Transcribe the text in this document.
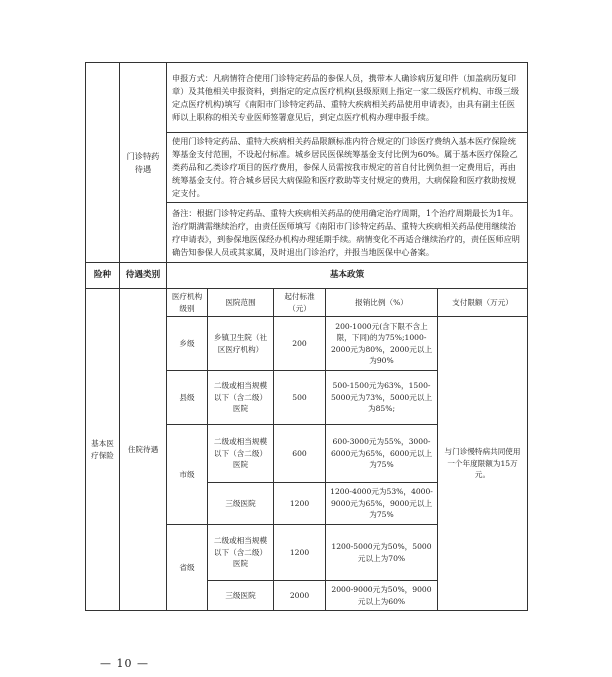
	门诊特药待遇	申报方式：凡病情符合使用门诊特定药品的参保人员，携带本人确诊病历复印件（加盖病历复印章）及其他相关申报资料，到指定的定点医疗机构(县级原则上指定一家二级医疗机构、市级三级定点医疗机构)填写《南阳市门诊特定药品、重特大疾病相关药品使用申请表》，由具有副主任医师以上职称的相关专业医师签署意见后，到定点医疗机构办理申报手续。				
		使用门诊特定药品、重特大疾病相关药品限额标准内符合规定的门诊医疗费纳入基本医疗保险统筹基金支付范围，不设起付标准。城乡居民医保统筹基金支付比例为60%。属于基本医疗保险乙类药品和乙类诊疗项目的医疗费用，参保人员需按我市规定的首自付比例负担一定费用后，再由统筹基金支付。符合城乡居民大病保险和医疗救助等支付规定的费用，大病保险和医疗救助按规定支付。				
		备注：根据门诊特定药品、重特大疾病相关药品的使用确定治疗周期，1个治疗周期最长为1年。治疗期满需继续治疗，由责任医师填写《南阳市门诊特定药品、重特大疾病相关药品使用继续治疗申请表》，到参保地医保经办机构办理延期手续。病情变化不再适合继续治疗的，责任医师应明确告知参保人员或其家属，及时退出门诊治疗，并报当地医保中心备案。				
险种	待遇类别	基本政策				
基本医疗保险	住院待遇	医疗机构级别	医院范围	起付标准（元）	报销比例（%）	支付限额（万元）
		乡级	乡镇卫生院（社区医疗机构）	200	200-1000元(含下限不含上限，下同)的为75%;1000-2000元为80%，2000元以上为90%	与门诊慢特病共同使用一个年度限额为15万元。
		县级	二级或相当规模以下（含二级）医院	500	500-1500元为63%，1500-5000元为73%，5000元以上为85%;	
		市级	二级或相当规模以下（含二级）医院	600	600-3000元为55%，3000-6000元为65%，6000元以上为75%	
			三级医院	1200	1200-4000元为53%，4000-9000元为65%，9000元以上为75%	
		省级	二级或相当规模以下（含二级）医院	1200	1200-5000元为50%，5000元以上为70%	
			三级医院	2000	2000-9000元为50%，9000元以上为60%	
— 10 —
